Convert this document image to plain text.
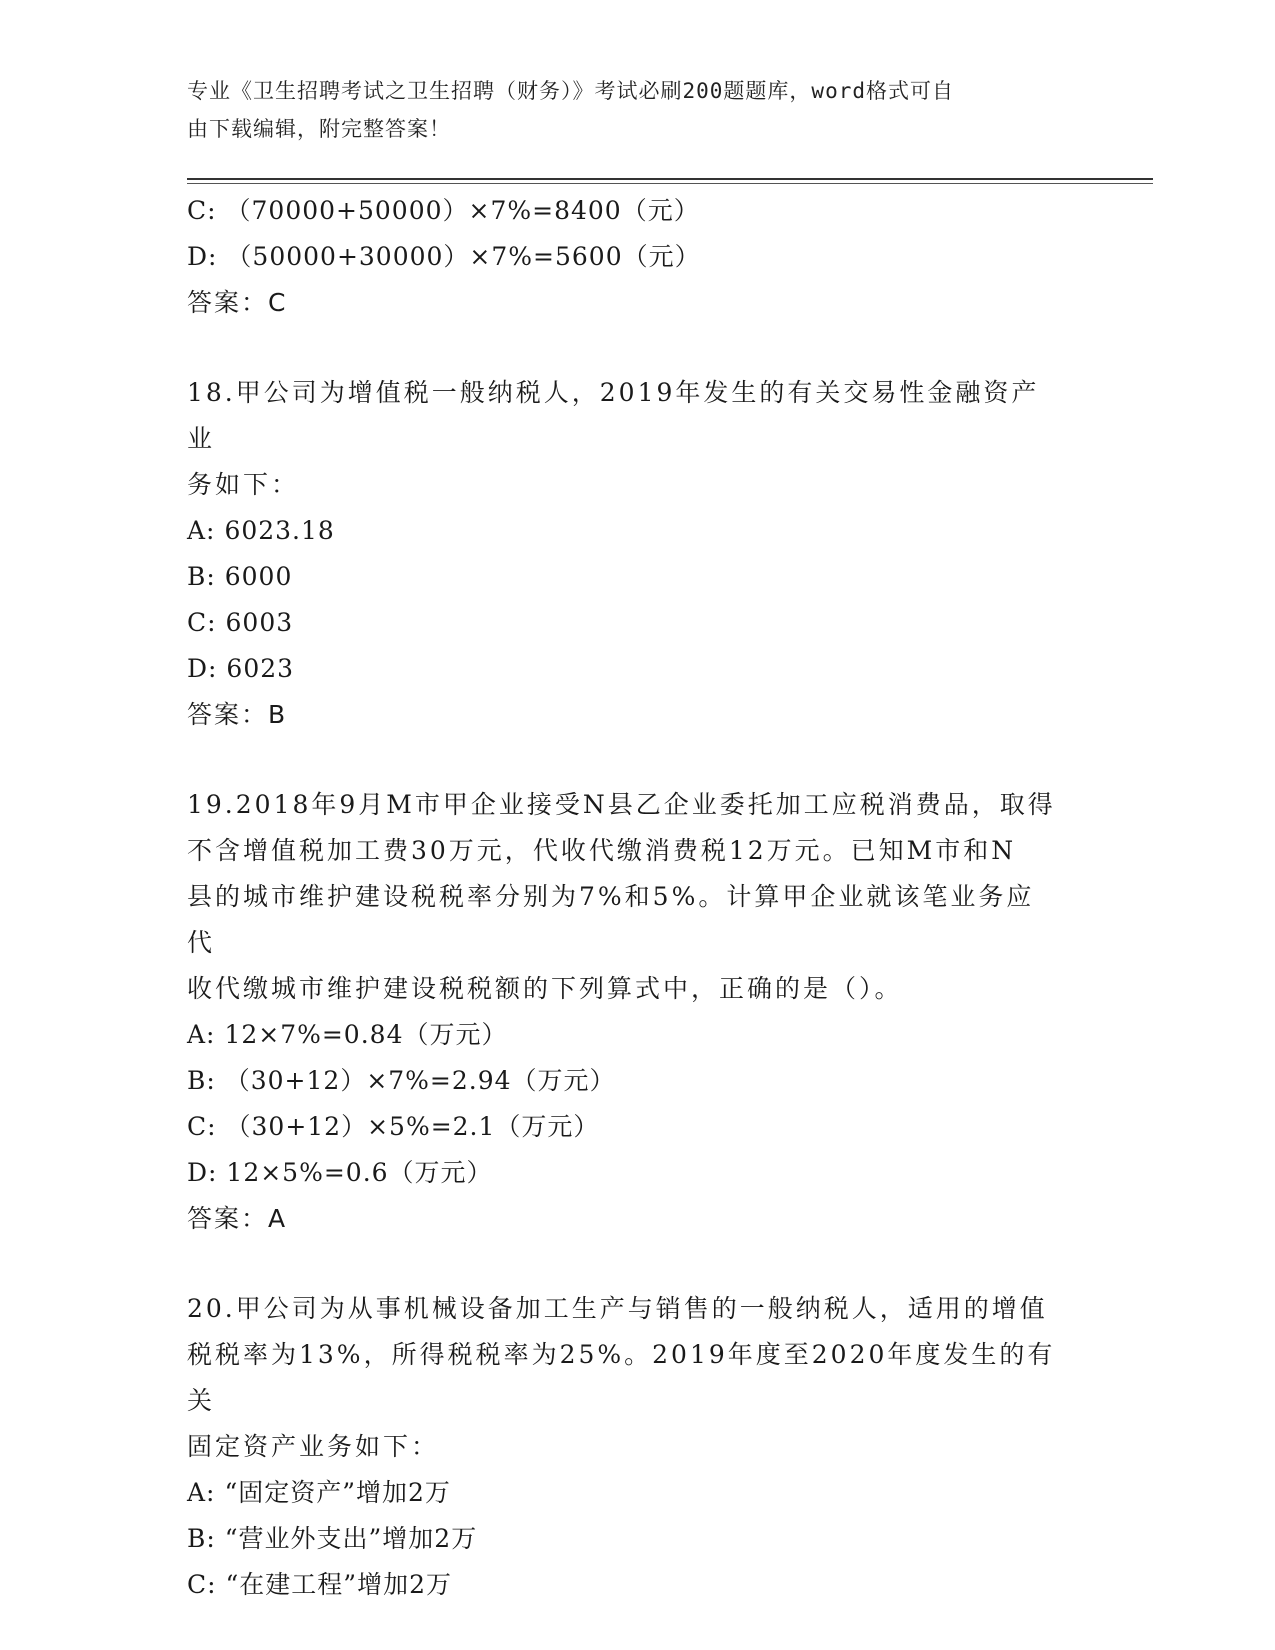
专业《卫生招聘考试之卫生招聘（财务）》考试必刷200题题库，word格式可自
由下载编辑，附完整答案！
C: （70000+50000）×7%=8400（元）
D: （50000+30000）×7%=5600（元）
答案：C
18.甲公司为增值税一般纳税人，2019年发生的有关交易性金融资产业
务如下：
A: 6023.18
B: 6000
C: 6003
D: 6023
答案：B
19.2018年9月M市甲企业接受N县乙企业委托加工应税消费品，取得
不含增值税加工费30万元，代收代缴消费税12万元。已知M市和N
县的城市维护建设税税率分别为7%和5%。计算甲企业就该笔业务应代
收代缴城市维护建设税税额的下列算式中，正确的是（）。
A: 12×7%=0.84（万元）
B: （30+12）×7%=2.94（万元）
C: （30+12）×5%=2.1（万元）
D: 12×5%=0.6（万元）
答案：A
20.甲公司为从事机械设备加工生产与销售的一般纳税人，适用的增值
税税率为13%，所得税税率为25%。2019年度至2020年度发生的有关
固定资产业务如下：
A: “固定资产”增加2万
B: “营业外支出”增加2万
C: “在建工程”增加2万
